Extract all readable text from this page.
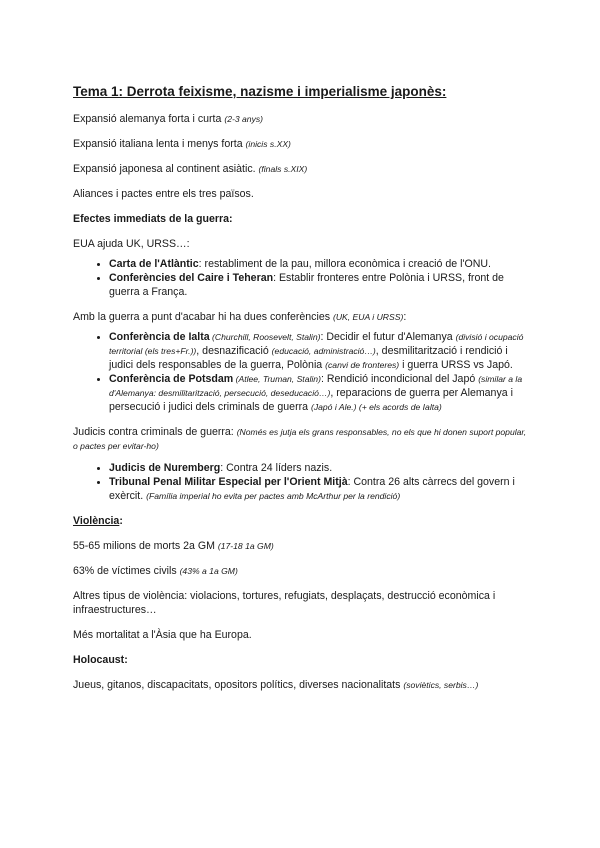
Tema 1: Derrota feixisme, nazisme i imperialisme japonès:

Expansió alemanya forta i curta (2-3 anys)

Expansió italiana lenta i menys forta (inicis s.XX)

Expansió japonesa al continent asiàtic. (finals s.XIX)

Aliances i pactes entre els tres països.

Efectes immediats de la guerra:

EUA ajuda UK, URSS…:

• Carta de l'Atlàntic: restabliment de la pau, millora econòmica i creació de l'ONU.
• Conferències del Caire i Teheran: Establir fronteres entre Polònia i URSS, front de guerra a França.

Amb la guerra a punt d'acabar hi ha dues conferències (UK, EUA i URSS):

• Conferència de Ialta (Churchill, Roosevelt, Stalin): Decidir el futur d'Alemanya (divisió i ocupació territorial (els tres+Fr.)), desnazificació (educació, administració…), desmilitarització i rendició i judici dels responsables de la guerra, Polònia (canvi de fronteres) i guerra URSS vs Japó.
• Conferència de Potsdam (Atlee, Truman, Stalin): Rendició incondicional del Japó (similar a la d'Alemanya: desmilitarització, persecució, deseducació…), reparacions de guerra per Alemanya i persecució i judici dels criminals de guerra (Japó i Ale.) (+ els acords de Ialta)

Judicis contra criminals de guerra: (Només es jutja els grans responsables, no els que hi donen suport popular, o pactes per evitar-ho)

• Judicis de Nuremberg: Contra 24 líders nazis.
• Tribunal Penal Militar Especial per l'Orient Mitjà: Contra 26 alts càrrecs del govern i exèrcit. (Família imperial ho evita per pactes amb McArthur per la rendició)

Violència:

55-65 milions de morts 2a GM (17-18 1a GM)

63% de víctimes civils (43% a 1a GM)

Altres tipus de violència: violacions, tortures, refugiats, desplaçats, destrucció econòmica i infraestructures…

Més mortalitat a l'Àsia que ha Europa.

Holocaust:

Jueus, gitanos, discapacitats, opositors polítics, diverses nacionalitats (soviètics, serbis…)
